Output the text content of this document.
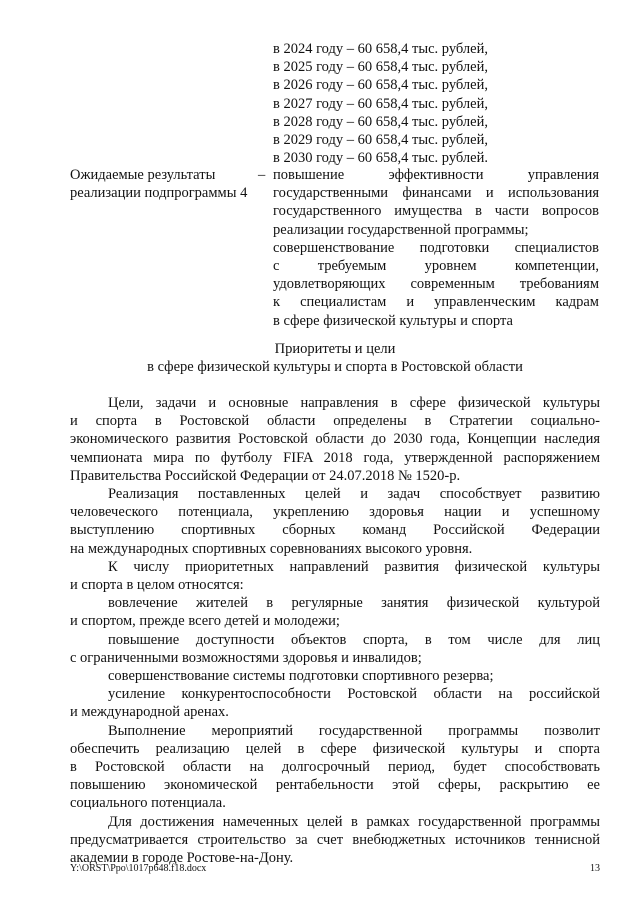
в 2024 году – 60 658,4 тыс. рублей,
в 2025 году – 60 658,4 тыс. рублей,
в 2026 году – 60 658,4 тыс. рублей,
в 2027 году – 60 658,4 тыс. рублей,
в 2028 году – 60 658,4 тыс. рублей,
в 2029 году – 60 658,4 тыс. рублей,
в 2030 году – 60 658,4 тыс. рублей.
Ожидаемые результаты
реализации подпрограммы 4
– повышение эффективности управления
государственными финансами и использования
государственного имущества в части вопросов
реализации государственной программы;
совершенствование подготовки специалистов
с требуемым уровнем компетенции,
удовлетворяющих современным требованиям
к специалистам и управленческим кадрам
в сфере физической культуры и спорта
Приоритеты и цели
в сфере физической культуры и спорта в Ростовской области
Цели, задачи и основные направления в сфере физической культуры
и спорта в Ростовской области определены в Стратегии социально-
экономического развития Ростовской области до 2030 года, Концепции наследия
чемпионата мира по футболу FIFA 2018 года, утвержденной распоряжением
Правительства Российской Федерации от 24.07.2018 № 1520-р.
Реализация поставленных целей и задач способствует развитию
человеческого потенциала, укреплению здоровья нации и успешному
выступлению спортивных сборных команд Российской Федерации
на международных спортивных соревнованиях высокого уровня.
К числу приоритетных направлений развития физической культуры
и спорта в целом относятся:
вовлечение жителей в регулярные занятия физической культурой
и спортом, прежде всего детей и молодежи;
повышение доступности объектов спорта, в том числе для лиц
с ограниченными возможностями здоровья и инвалидов;
совершенствование системы подготовки спортивного резерва;
усиление конкурентоспособности Ростовской области на российской
и международной аренах.
Выполнение мероприятий государственной программы позволит
обеспечить реализацию целей в сфере физической культуры и спорта
в Ростовской области на долгосрочный период, будет способствовать
повышению экономической рентабельности этой сферы, раскрытию ее
социального потенциала.
Для достижения намеченных целей в рамках государственной программы
предусматривается строительство за счет внебюджетных источников теннисной
академии в городе Ростове-на-Дону.
Y:\ORST\Ppo\1017p648.f18.docx	13
